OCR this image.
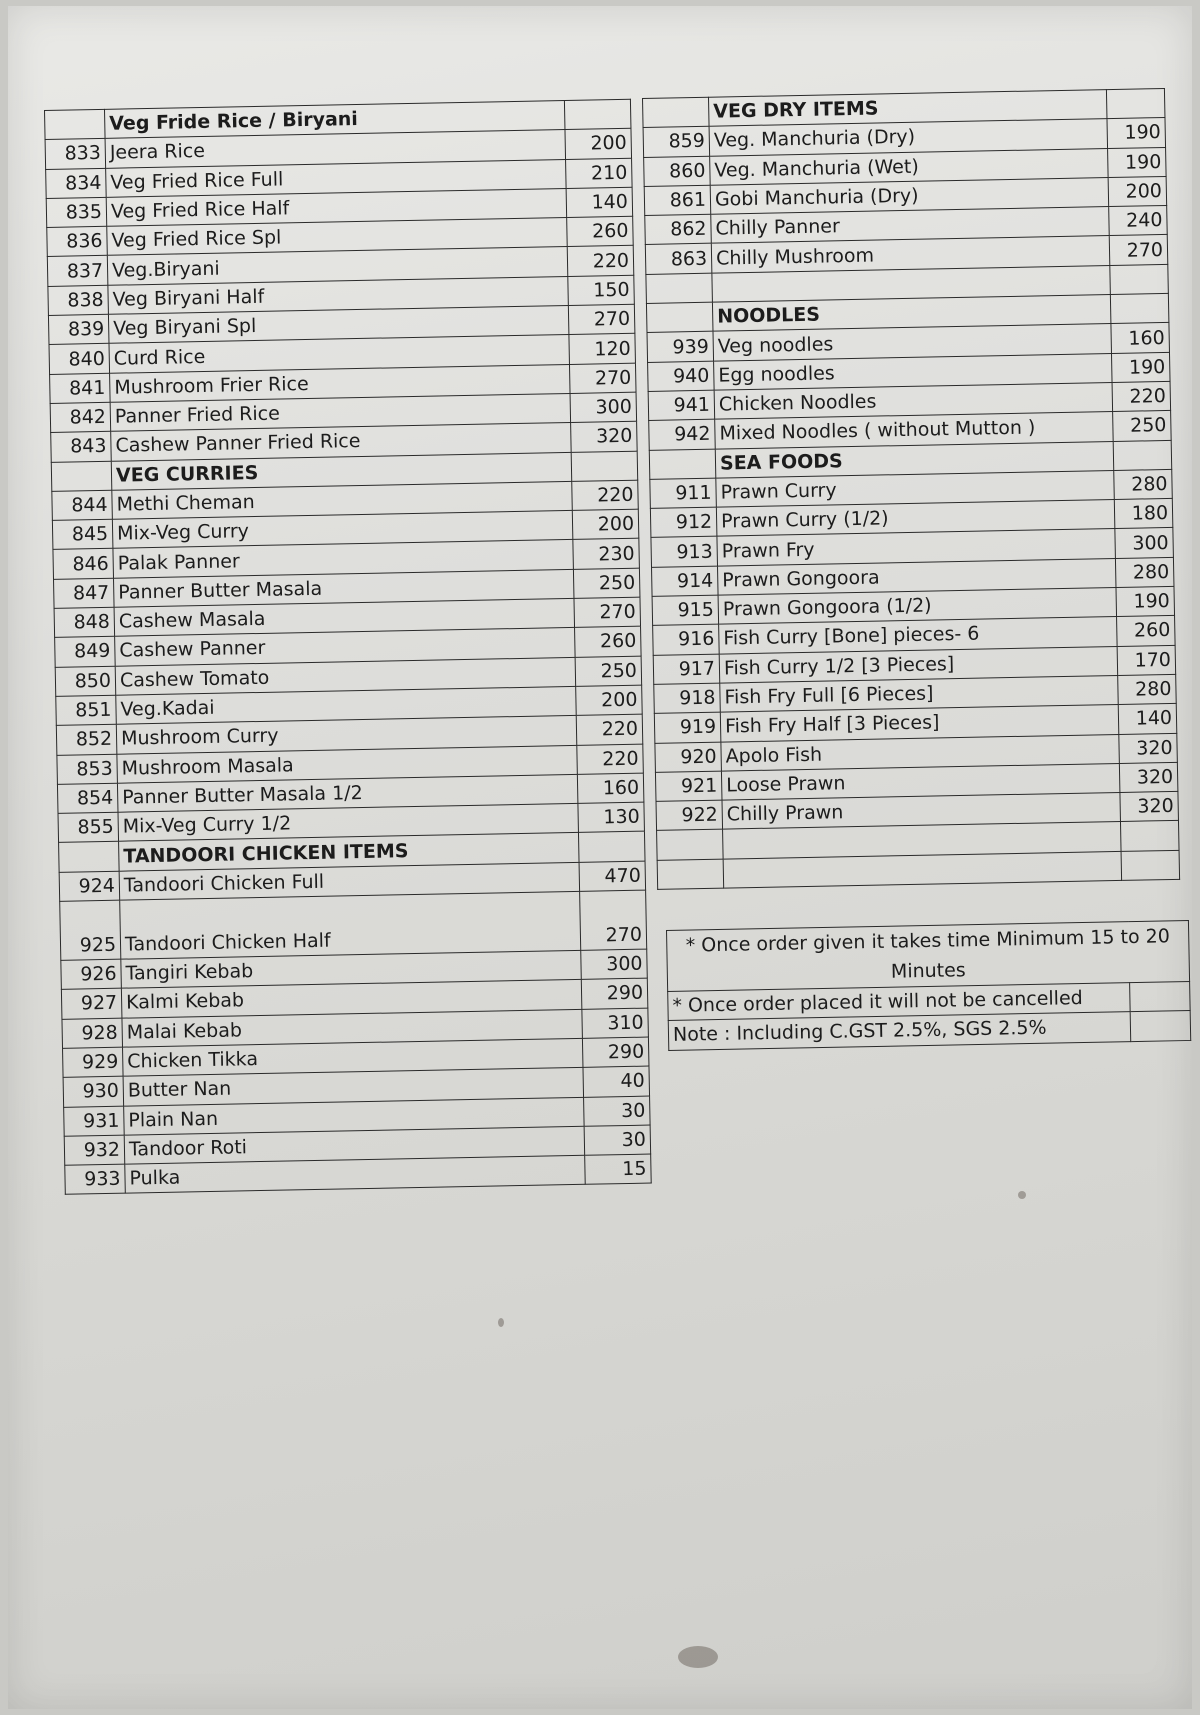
	Veg Fride Rice / Biryani	
833	Jeera Rice	200
834	Veg Fried Rice Full	210
835	Veg Fried Rice Half	140
836	Veg Fried Rice Spl	260
837	Veg.Biryani	220
838	Veg Biryani Half	150
839	Veg Biryani Spl	270
840	Curd Rice	120
841	Mushroom Frier Rice	270
842	Panner Fried Rice	300
843	Cashew Panner Fried Rice	320
	VEG CURRIES	
844	Methi Cheman	220
845	Mix-Veg Curry	200
846	Palak Panner	230
847	Panner Butter Masala	250
848	Cashew Masala	270
849	Cashew Panner	260
850	Cashew Tomato	250
851	Veg.Kadai	200
852	Mushroom Curry	220
853	Mushroom Masala	220
854	Panner Butter Masala 1/2	160
855	Mix-Veg Curry 1/2	130
	TANDOORI CHICKEN ITEMS	
924	Tandoori Chicken Full	470
925	Tandoori Chicken Half	270
926	Tangiri Kebab	300
927	Kalmi Kebab	290
928	Malai Kebab	310
929	Chicken Tikka	290
930	Butter Nan	40
931	Plain Nan	30
932	Tandoor Roti	30
933	Pulka	15
	VEG DRY ITEMS	
859	Veg. Manchuria (Dry)	190
860	Veg. Manchuria (Wet)	190
861	Gobi Manchuria (Dry)	200
862	Chilly Panner	240
863	Chilly Mushroom	270

	NOODLES	
939	Veg noodles	160
940	Egg noodles	190
941	Chicken Noodles	220
942	Mixed Noodles ( without Mutton )	250
	SEA FOODS	
911	Prawn Curry	280
912	Prawn Curry (1/2)	180
913	Prawn Fry	300
914	Prawn Gongoora	280
915	Prawn Gongoora (1/2)	190
916	Fish Curry [Bone] pieces- 6	260
917	Fish Curry 1/2 [3 Pieces]	170
918	Fish Fry Full [6 Pieces]	280
919	Fish Fry Half [3 Pieces]	140
920	Apolo Fish	320
921	Loose Prawn	320
922	Chilly Prawn	320

* Once order given it takes time Minimum 15 to 20 Minutes	
* Once order placed it will not be cancelled	
Note : Including C.GST 2.5%, SGS 2.5%	
